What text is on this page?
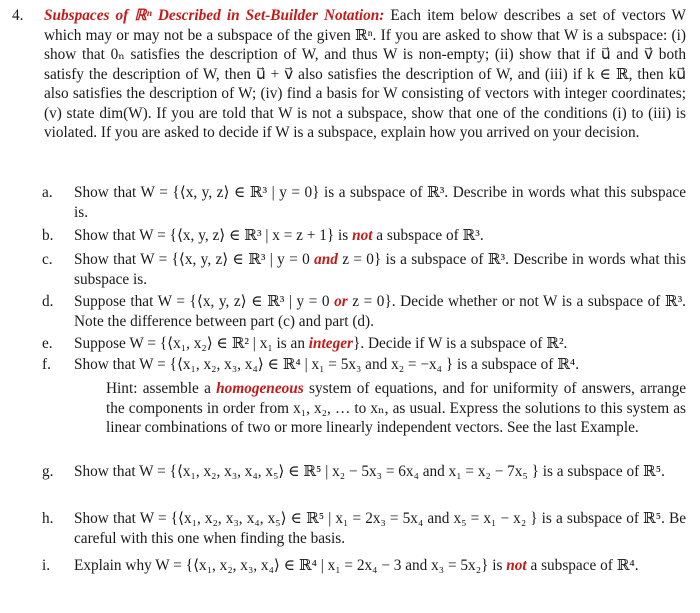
4. Subspaces of ℝⁿ Described in Set-Builder Notation: Each item below describes a set of vectors W which may or may not be a subspace of the given ℝⁿ. If you are asked to show that W is a subspace: (i) show that 0ₙ satisfies the description of W, and thus W is non-empty; (ii) show that if u⃗ and v⃗ both satisfy the description of W, then u⃗ + v⃗ also satisfies the description of W, and (iii) if k ∈ ℝ, then ku⃗ also satisfies the description of W; (iv) find a basis for W consisting of vectors with integer coordinates; (v) state dim(W). If you are told that W is not a subspace, show that one of the conditions (i) to (iii) is violated. If you are asked to decide if W is a subspace, explain how you arrived on your decision.
a. Show that W = {⟨x, y, z⟩ ∈ ℝ³ | y = 0} is a subspace of ℝ³. Describe in words what this subspace is.
b. Show that W = {⟨x, y, z⟩ ∈ ℝ³ | x = z + 1} is not a subspace of ℝ³.
c. Show that W = {⟨x, y, z⟩ ∈ ℝ³ | y = 0 and z = 0} is a subspace of ℝ³. Describe in words what this subspace is.
d. Suppose that W = {⟨x, y, z⟩ ∈ ℝ³ | y = 0 or z = 0}. Decide whether or not W is a subspace of ℝ³. Note the difference between part (c) and part (d).
e. Suppose W = {⟨x₁, x₂⟩ ∈ ℝ² | x₁ is an integer}. Decide if W is a subspace of ℝ².
f. Show that W = {⟨x₁, x₂, x₃, x₄⟩ ∈ ℝ⁴ | x₁ = 5x₃ and x₂ = −x₄ } is a subspace of ℝ⁴.
Hint: assemble a homogeneous system of equations, and for uniformity of answers, arrange the components in order from x₁, x₂, … to xₙ, as usual. Express the solutions to this system as linear combinations of two or more linearly independent vectors. See the last Example.
g. Show that W = {⟨x₁, x₂, x₃, x₄, x₅⟩ ∈ ℝ⁵ | x₂ − 5x₃ = 6x₄ and x₁ = x₂ − 7x₅ } is a subspace of ℝ⁵.
h. Show that W = {⟨x₁, x₂, x₃, x₄, x₅⟩ ∈ ℝ⁵ | x₁ = 2x₃ = 5x₄ and x₅ = x₁ − x₂ } is a subspace of ℝ⁵. Be careful with this one when finding the basis.
i. Explain why W = {⟨x₁, x₂, x₃, x₄⟩ ∈ ℝ⁴ | x₁ = 2x₄ − 3 and x₃ = 5x₂} is not a subspace of ℝ⁴.
